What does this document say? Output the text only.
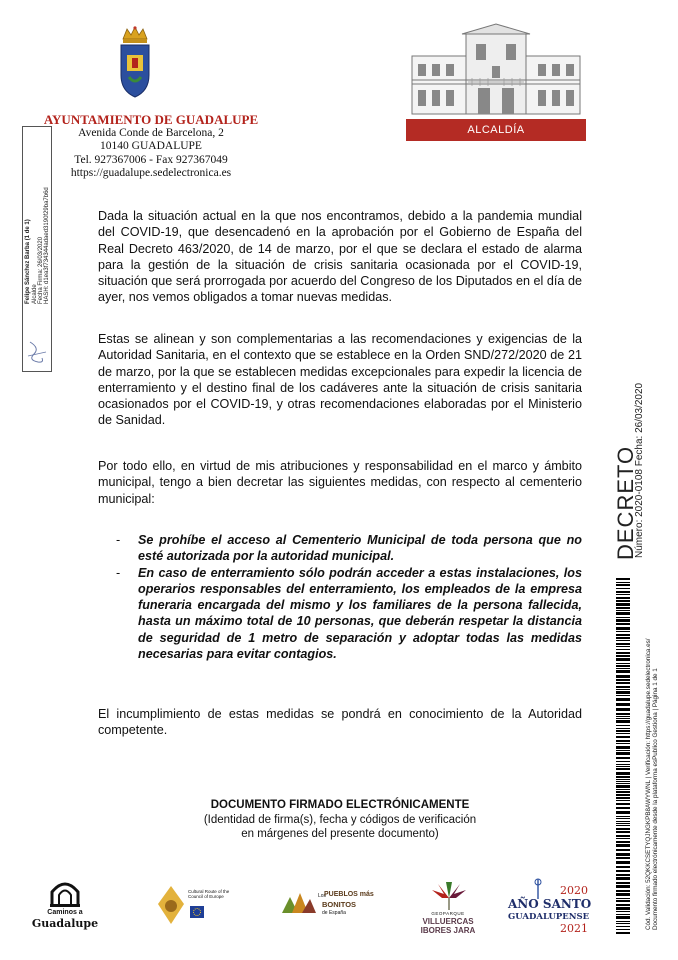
AYUNTAMIENTO DE GUADALUPE
Avenida Conde de Barcelona, 2
10140 GUADALUPE
Tel. 927367006 - Fax 927367049
https://guadalupe.sedelectronica.es
ALCALDÍA
Felipe Sánchez Barba (1 de 1) Alcalde Fecha Firma: 26/03/2020 HASH: d1ea3f734344adaed3190f29ba7b6d	Dada la situación actual en la que nos encontramos, debido a la pandemia mundial del COVID-19, que desencadenó en la aprobación por el Gobierno de España del Real Decreto 463/2020, de 14 de marzo, por el que se declara el estado de alarma para la gestión de la situación de crisis sanitaria ocasionada por el COVID-19, situación que será prorrogada por acuerdo del Congreso de los Diputados en el día de ayer, nos vemos obligados a tomar nuevas medidas.
Estas se alinean y son complementarias a las recomendaciones y exigencias de la Autoridad Sanitaria, en el contexto que se establece en la Orden SND/272/2020 de 21 de marzo, por la que se establecen medidas excepcionales para expedir la licencia de enterramiento y el destino final de los cadáveres ante la situación de crisis sanitaria ocasionados por el COVID-19, y otras recomendaciones elaboradas por el Ministerio de Sanidad.
Por todo ello, en virtud de mis atribuciones y responsabilidad en el marco y ámbito municipal, tengo a bien decretar las siguientes medidas, con respecto al cementerio municipal:
- Se prohíbe el acceso al Cementerio Municipal de toda persona que no esté autorizada por la autoridad municipal.
- En caso de enterramiento sólo podrán acceder a estas instalaciones, los operarios responsables del enterramiento, los empleados de la empresa funeraria encargada del mismo y los familiares de la persona fallecida, hasta un máximo total de 10 personas, que deberán respetar la distancia de seguridad de 1 metro de separación y adoptar todas las medidas necesarias para evitar contagios.
El incumplimiento de estas medidas se pondrá en conocimiento de la Autoridad competente.
DOCUMENTO FIRMADO ELECTRÓNICAMENTE
(Identidad de firma(s), fecha y códigos de verificación
en márgenes del presente documento)
DECRETO
Número: 2020-0108 Fecha: 26/03/2020
Cód. Validación: 52QKKCSETYQJNGKPB8AWYWNL | Verificación: https://guadalupe.sedelectronica.es/ Documento firmado electrónicamente desde la plataforma esPublico Gestiona | Página 1 de 1
Caminos a
Guadalupe
Cultural Route of the Council of Europe	Los
PUEBLOS más
BONITOS
de España	GEOPARQUE
VILLUERCAS
IBORES JARA
2020
AÑO SANTO
GUADALUPENSE
2021
